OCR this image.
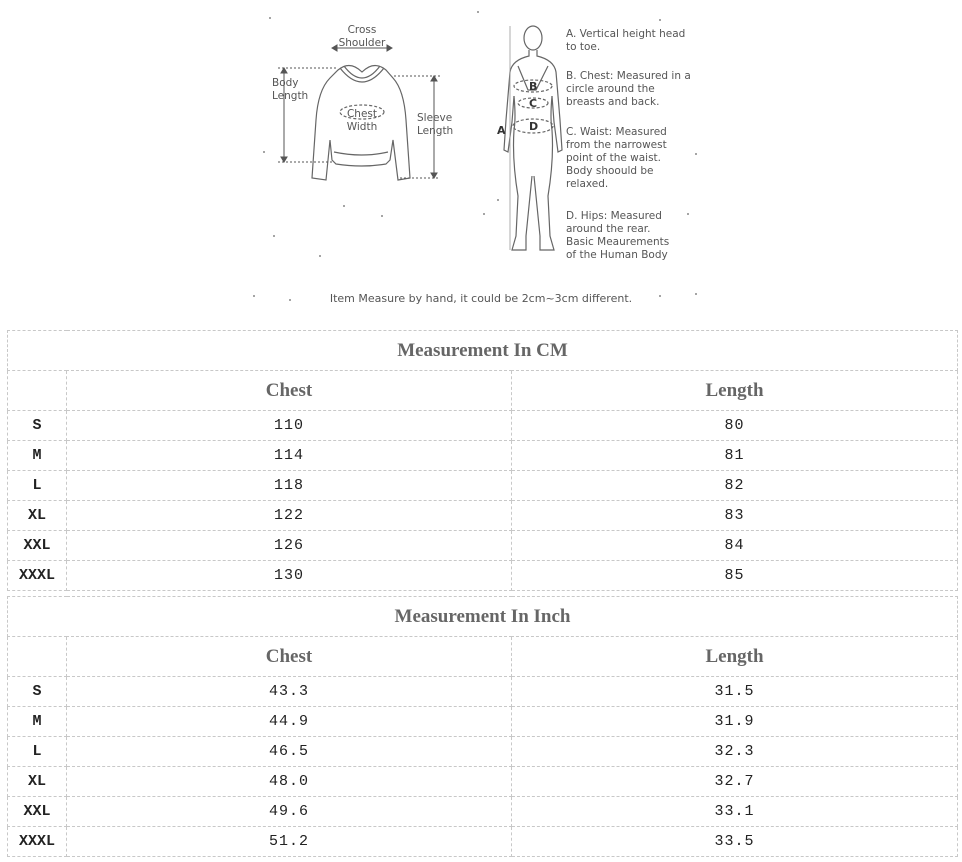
Cross
Shoulder
Body
Length
Chest
Width
Sleeve
Length	A
B
C
D
A. Vertical height head
to toe.
B. Chest: Measured in a
circle around the
breasts and back.
C. Waist: Measured
from the narrowest
point of the waist.
Body shoould be
relaxed.
D. Hips: Measured
around the rear.
Basic Meaurements
of the Human Body
Item Measure by hand, it could be 2cm~3cm different.
Measurement In CM		
	Chest	Length
S	110	80
M	114	81
L	118	82
XL	122	83
XXL	126	84
XXXL	130	85
Measurement In Inch		
	Chest	Length
S	43.3	31.5
M	44.9	31.9
L	46.5	32.3
XL	48.0	32.7
XXL	49.6	33.1
XXXL	51.2	33.5
